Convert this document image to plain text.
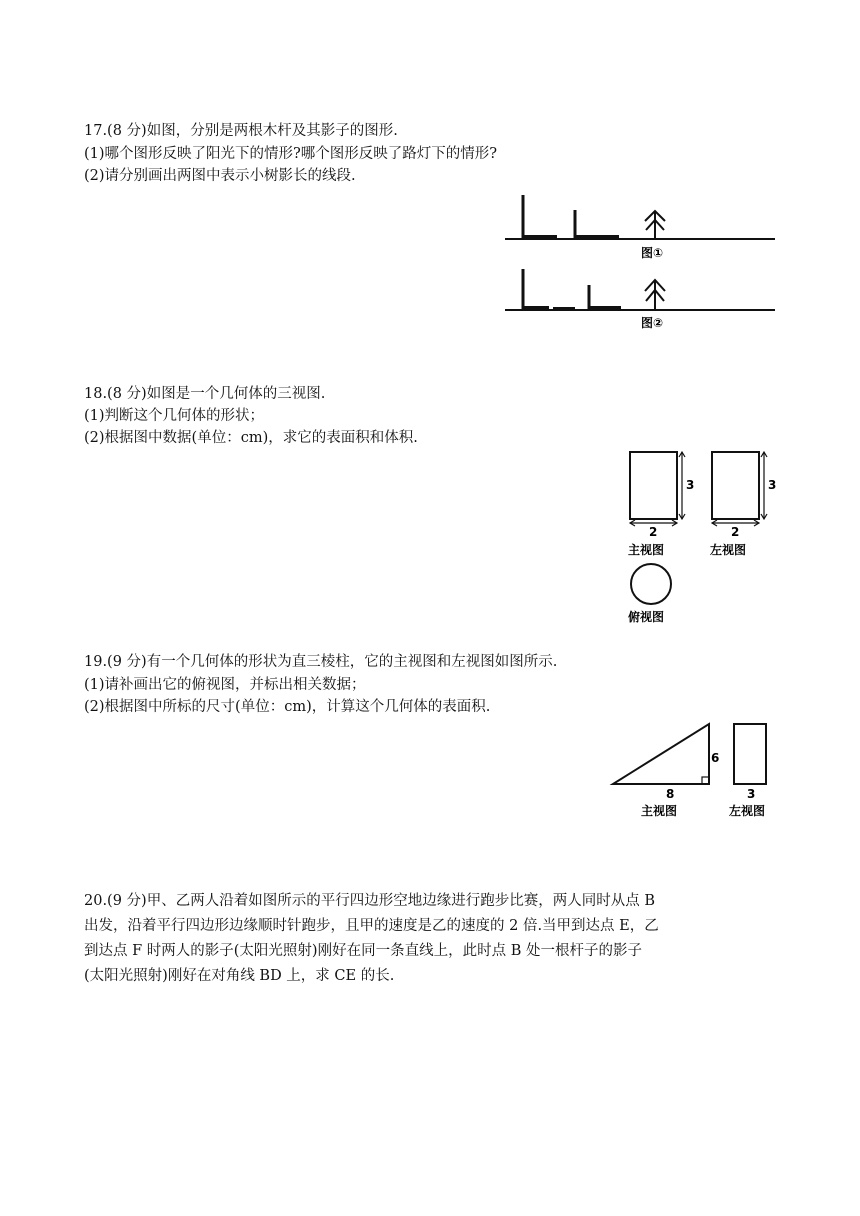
17.(8 分)如图，分别是两根木杆及其影子的图形.
(1)哪个图形反映了阳光下的情形?哪个图形反映了路灯下的情形?
(2)请分别画出两图中表示小树影长的线段.
图①
图②
18.(8 分)如图是一个几何体的三视图.
(1)判断这个几何体的形状；
(2)根据图中数据(单位：cm)，求它的表面积和体积.
3
2
主视图
3
2
左视图
俯视图
19.(9 分)有一个几何体的形状为直三棱柱，它的主视图和左视图如图所示.
(1)请补画出它的俯视图，并标出相关数据；
(2)根据图中所标的尺寸(单位：cm)，计算这个几何体的表面积.
6
8
主视图
3
左视图
20.(9 分)甲、乙两人沿着如图所示的平行四边形空地边缘进行跑步比赛，两人同时从点 B
出发，沿着平行四边形边缘顺时针跑步，且甲的速度是乙的速度的 2 倍.当甲到达点 E，乙
到达点 F 时两人的影子(太阳光照射)刚好在同一条直线上，此时点 B 处一根杆子的影子
(太阳光照射)刚好在对角线 BD 上，求 CE 的长.
